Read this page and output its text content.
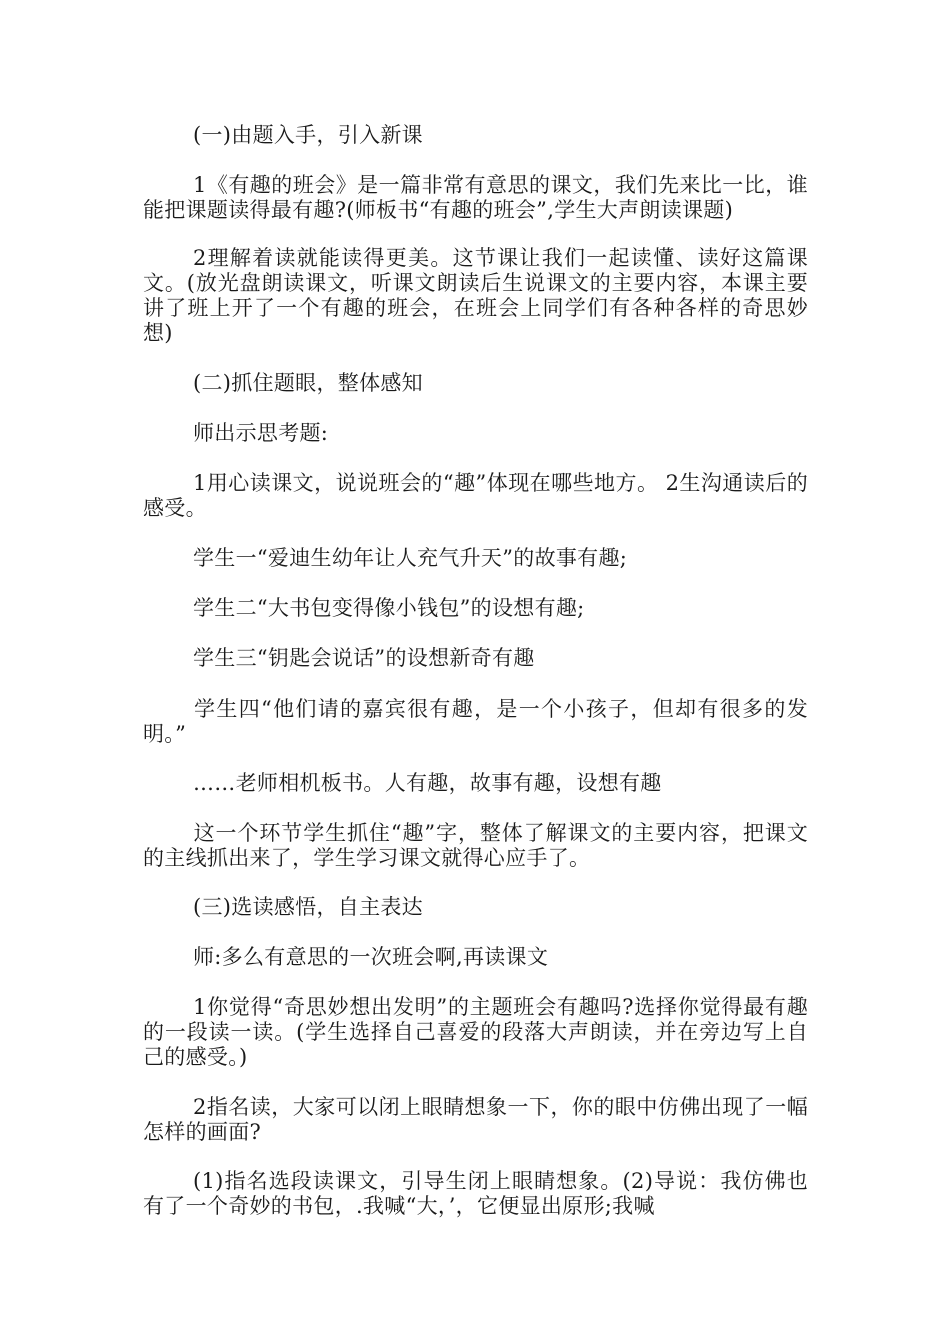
(一)由题入手，引入新课

1《有趣的班会》是一篇非常有意思的课文，我们先来比一比，谁能把课题读得最有趣?(师板书“有趣的班会”,学生大声朗读课题)

2理解着读就能读得更美。这节课让我们一起读懂、读好这篇课文。(放光盘朗读课文，听课文朗读后生说课文的主要内容，本课主要讲了班上开了一个有趣的班会，在班会上同学们有各种各样的奇思妙想)

(二)抓住题眼，整体感知

师出示思考题:

1用心读课文，说说班会的“趣”体现在哪些地方。 2生沟通读后的感受。

学生一“爱迪生幼年让人充气升天”的故事有趣;

学生二“大书包变得像小钱包”的设想有趣;

学生三“钥匙会说话”的设想新奇有趣

学生四“他们请的嘉宾很有趣，是一个小孩子，但却有很多的发明。”

……老师相机板书。人有趣，故事有趣，设想有趣

这一个环节学生抓住“趣”字，整体了解课文的主要内容，把课文的主线抓出来了，学生学习课文就得心应手了。

(三)选读感悟，自主表达

师:多么有意思的一次班会啊,再读课文

1你觉得“奇思妙想出发明”的主题班会有趣吗?选择你觉得最有趣的一段读一读。(学生选择自己喜爱的段落大声朗读，并在旁边写上自己的感受。)

2指名读，大家可以闭上眼睛想象一下，你的眼中仿佛出现了一幅怎样的画面?

(1)指名选段读课文，引导生闭上眼睛想象。(2)导说：我仿佛也有了一个奇妙的书包，.我喊“大，’，它便显出原形;我喊
